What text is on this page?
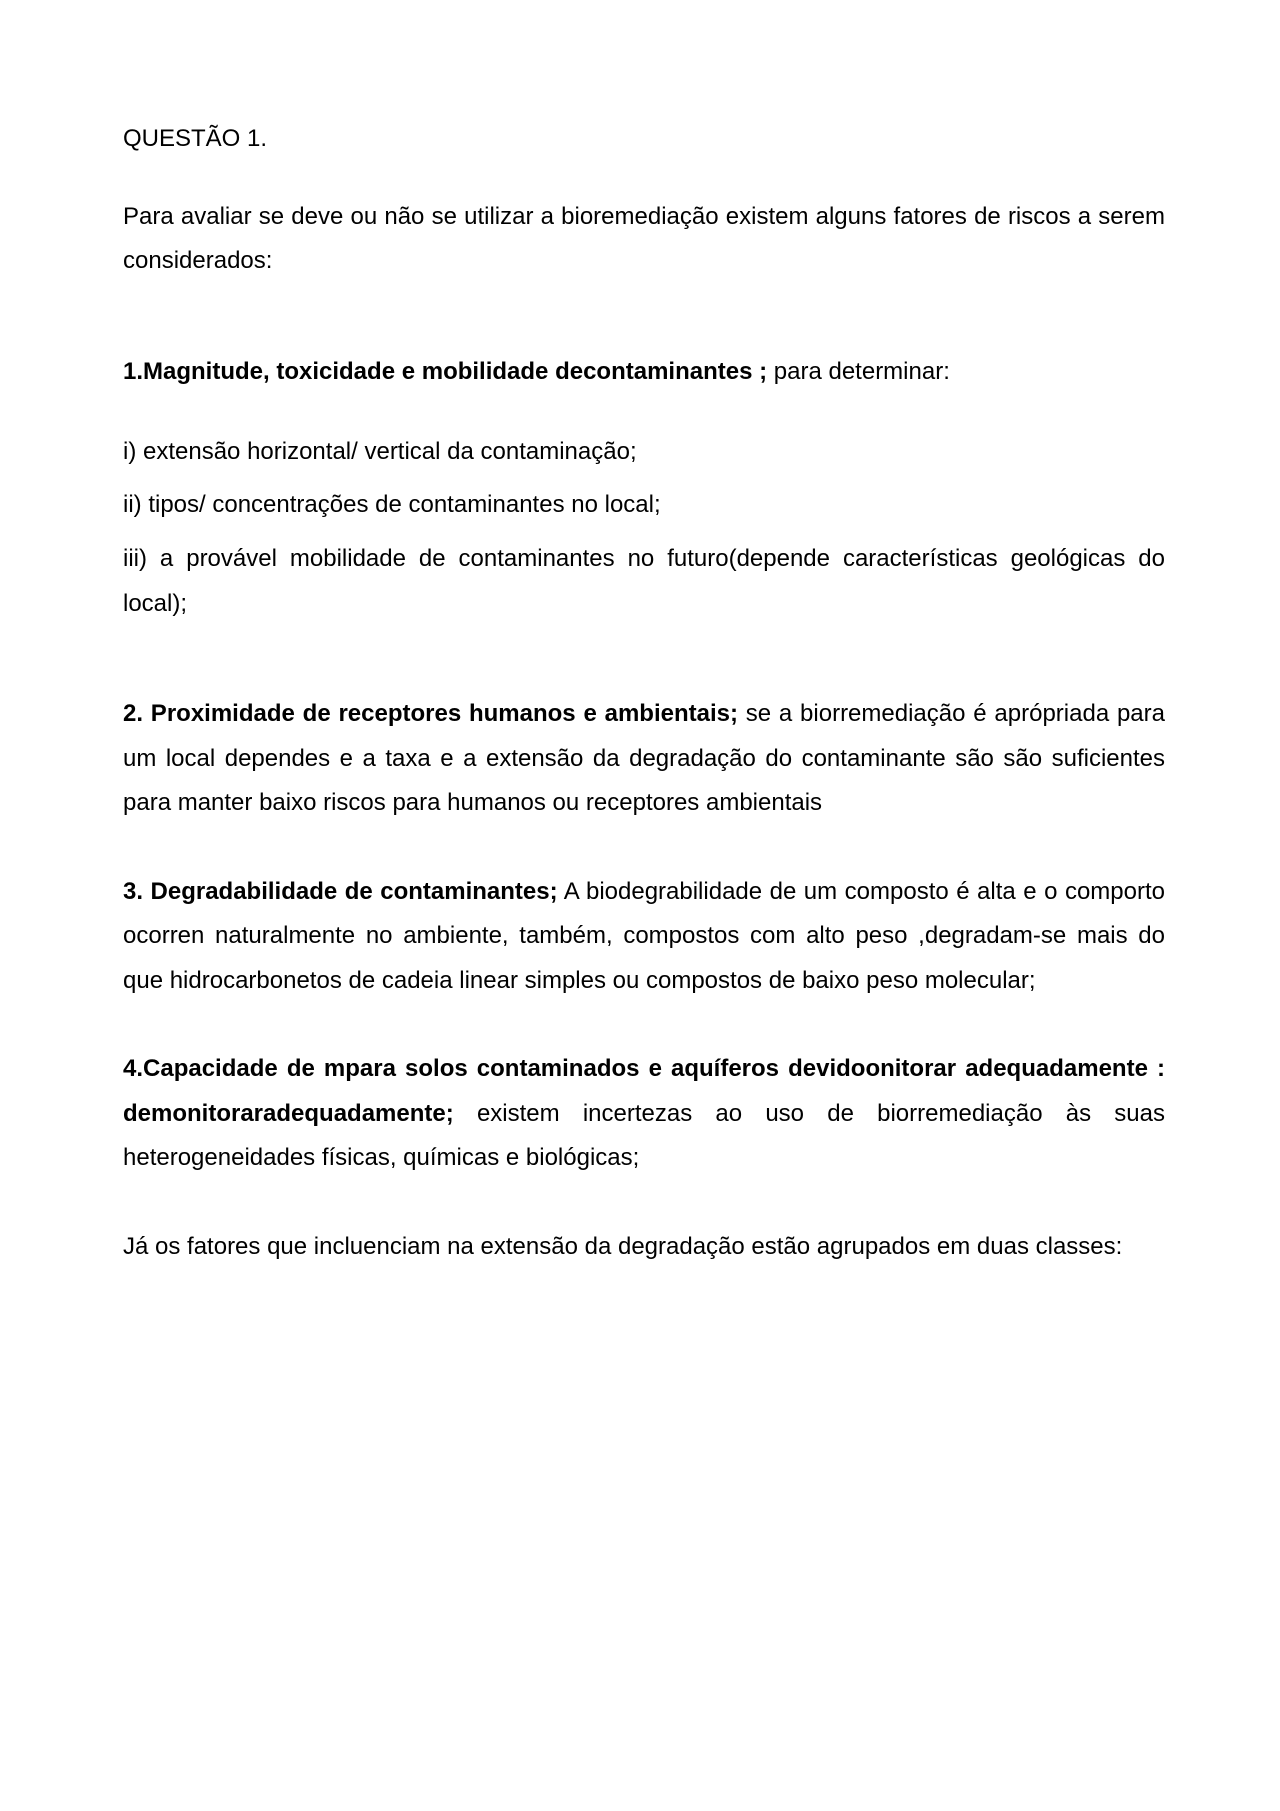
QUESTÃO 1.

Para avaliar se deve ou não se utilizar a bioremediação existem alguns fatores de riscos a serem considerados:

1.Magnitude, toxicidade e mobilidade decontaminantes ; para determinar:

i) extensão horizontal/ vertical da contaminação;

ii) tipos/ concentrações de contaminantes no local;

iii) a provável mobilidade de contaminantes no futuro(depende características geológicas do local);

2. Proximidade de receptores humanos e ambientais; se a biorremediação é aprópriada para um local dependes e a taxa e a extensão da degradação do contaminante são são suficientes para manter baixo riscos para humanos ou receptores ambientais

3. Degradabilidade de contaminantes; A biodegrabilidade de um composto é alta e o comporto ocorren naturalmente no ambiente, também, compostos com alto peso ,degradam-se mais do que hidrocarbonetos de cadeia linear simples ou compostos de baixo peso molecular;

4.Capacidade de mpara solos contaminados e aquíferos devidoonitorar adequadamente : demonitoraradequadamente; existem incertezas ao uso de biorremediação às suas heterogeneidades físicas, químicas e biológicas;

Já os fatores que incluenciam na extensão da degradação estão agrupados em duas classes:
